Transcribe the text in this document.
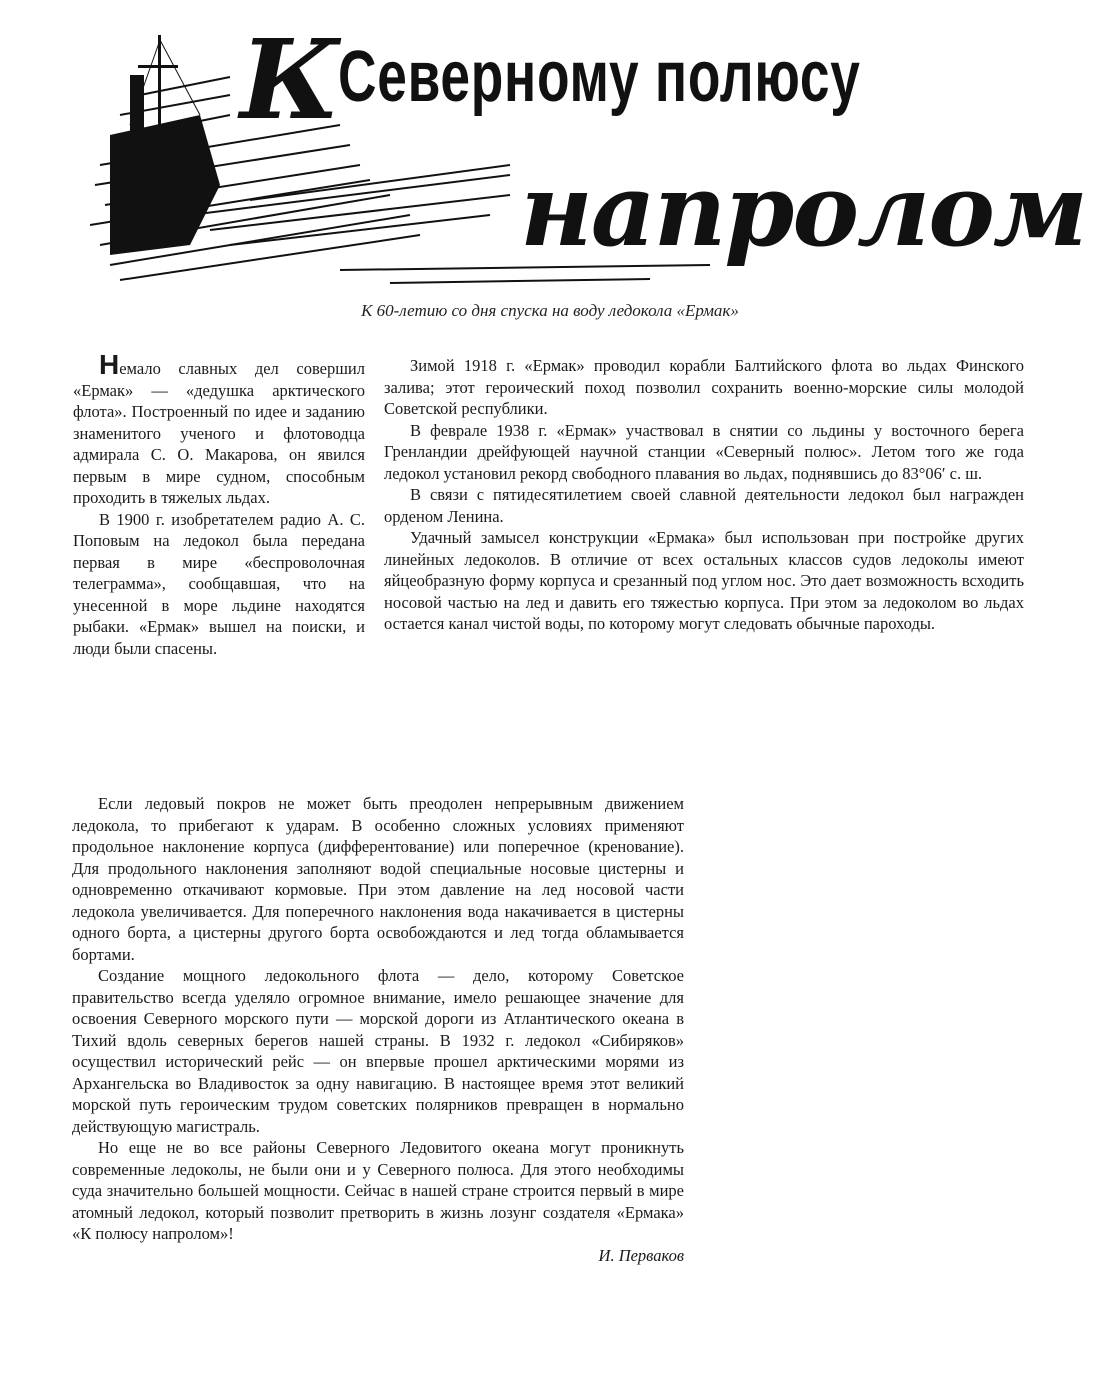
К
Северному полюсу
напролом
К 60-летию со дня спуска на воду ледокола «Ермак»

Немало славных дел совершил «Ермак» — «дедушка арктического флота». Построенный по идее и заданию знаменитого ученого и флотоводца адмирала С. О. Макарова, он явился первым в мире судном, способным проходить в тяжелых льдах.

В 1900 г. изобретателем радио А. С. Поповым на ледокол была передана первая в мире «беспроволочная телеграмма», сообщавшая, что на унесенной в море льдине находятся рыбаки. «Ермак» вышел на поиски, и люди были спасены.

Зимой 1918 г. «Ермак» проводил корабли Балтийского флота во льдах Финского залива; этот героический поход позволил сохранить военно-морские силы молодой Советской республики.

В феврале 1938 г. «Ермак» участвовал в снятии со льдины у восточного берега Гренландии дрейфующей научной станции «Северный полюс». Летом того же года ледокол установил рекорд свободного плавания во льдах, поднявшись до 83°06′ с. ш.

В связи с пятидесятилетием своей славной деятельности ледокол был награжден орденом Ленина.

Удачный замысел конструкции «Ермака» был использован при постройке других линейных ледоколов. В отличие от всех остальных классов судов ледоколы имеют яйцеобразную форму корпуса и срезанный под углом нос. Это дает возможность всходить носовой частью на лед и давить его тяжестью корпуса. При этом за ледоколом во льдах остается канал чистой воды, по которому могут следовать обычные пароходы.

Если ледовый покров не может быть преодолен непрерывным движением ледокола, то прибегают к ударам. В особенно сложных условиях применяют продольное наклонение корпуса (дифферентование) или поперечное (кренование). Для продольного наклонения заполняют водой специальные носовые цистерны и одновременно откачивают кормовые. При этом давление на лед носовой части ледокола увеличивается. Для поперечного наклонения вода накачивается в цистерны одного борта, а цистерны другого борта освобождаются и лед тогда обламывается бортами.

Создание мощного ледокольного флота — дело, которому Советское правительство всегда уделяло огромное внимание, имело решающее значение для освоения Северного морского пути — морской дороги из Атлантического океана в Тихий вдоль северных берегов нашей страны. В 1932 г. ледокол «Сибиряков» осуществил исторический рейс — он впервые прошел арктическими морями из Архангельска во Владивосток за одну навигацию. В настоящее время этот великий морской путь героическим трудом советских полярников превращен в нормально действующую магистраль.

Но еще не во все районы Северного Ледовитого океана могут проникнуть современные ледоколы, не были они и у Северного полюса. Для этого необходимы суда значительно большей мощности. Сейчас в нашей стране строится первый в мире атомный ледокол, который позволит претворить в жизнь лозунг создателя «Ермака» «К полюсу напролом»!

И. Перваков
